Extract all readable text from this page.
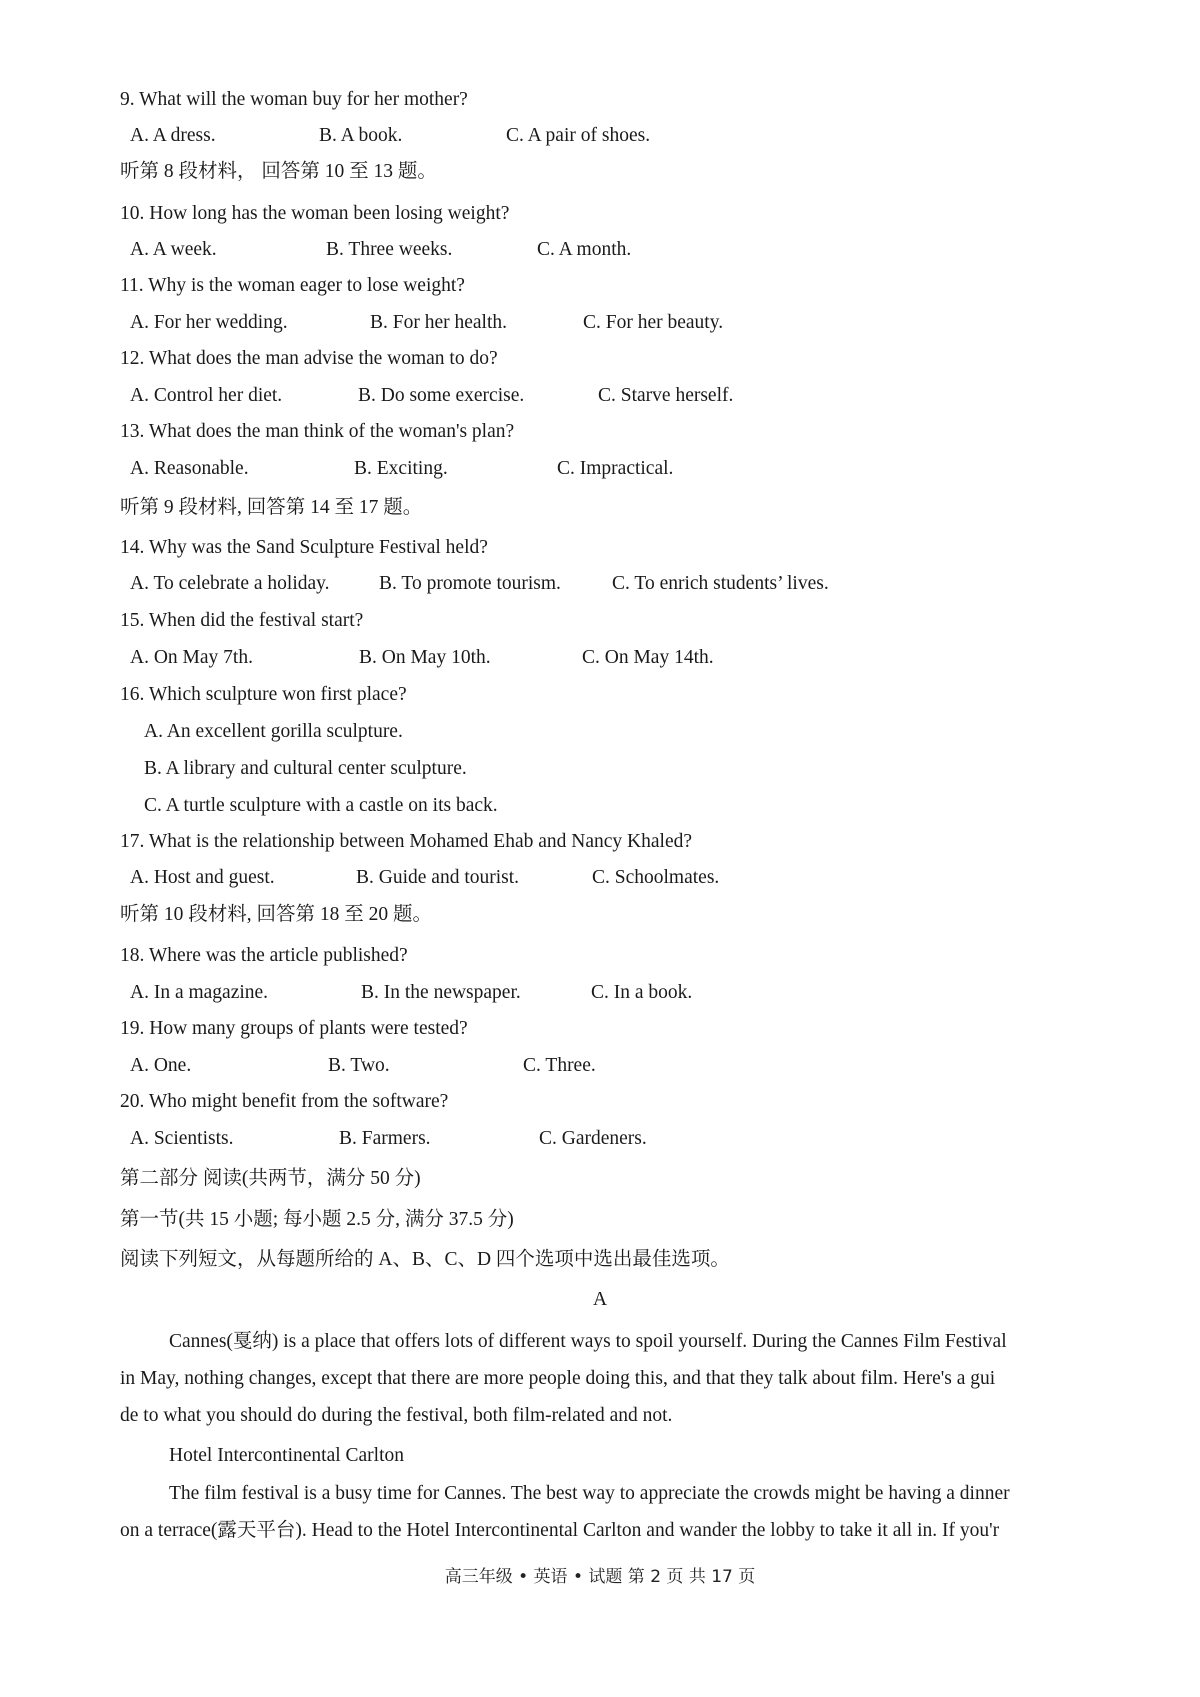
9. What will the woman buy for her mother?
A. A dress.	B. A book.	C. A pair of shoes.
听第 8 段材料， 回答第 10 至 13 题。
10. How long has the woman been losing weight?
A. A week.	B. Three weeks.	C. A month.
11. Why is the woman eager to lose weight?
A. For her wedding.	B. For her health.	C. For her beauty.
12. What does the man advise the woman to do?
A. Control her diet.	B. Do some exercise.	C. Starve herself.
13. What does the man think of the woman's plan?
A. Reasonable.	B. Exciting.	C. Impractical.
听第 9 段材料, 回答第 14 至 17 题。
14. Why was the Sand Sculpture Festival held?
A. To celebrate a holiday.	B. To promote tourism.	C. To enrich students’ lives.
15. When did the festival start?
A. On May 7th.	B. On May 10th.	C. On May 14th.
16. Which sculpture won first place?
A. An excellent gorilla sculpture.
B. A library and cultural center sculpture.
C. A turtle sculpture with a castle on its back.
17. What is the relationship between Mohamed Ehab and Nancy Khaled?
A. Host and guest.	B. Guide and tourist.	C. Schoolmates.
听第 10 段材料, 回答第 18 至 20 题。
18. Where was the article published?
A. In a magazine.	B. In the newspaper.	C. In a book.
19. How many groups of plants were tested?
A. One.	B. Two.	C. Three.
20. Who might benefit from the software?
A. Scientists.	B. Farmers.	C. Gardeners.
第二部分 阅读(共两节，满分 50 分)
第一节(共 15 小题; 每小题 2.5 分, 满分 37.5 分)
阅读下列短文，从每题所给的 A、B、C、D 四个选项中选出最佳选项。
A
Cannes(戛纳) is a place that offers lots of different ways to spoil yourself. During the Cannes Film Festival
in May, nothing changes, except that there are more people doing this, and that they talk about film. Here's a gui
de to what you should do during the festival, both film-related and not.
Hotel Intercontinental Carlton
The film festival is a busy time for Cannes. The best way to appreciate the crowds might be having a dinner
on a terrace(露天平台). Head to the Hotel Intercontinental Carlton and wander the lobby to take it all in. If you'r
高三年级 • 英语 • 试题 第 2 页 共 17 页
